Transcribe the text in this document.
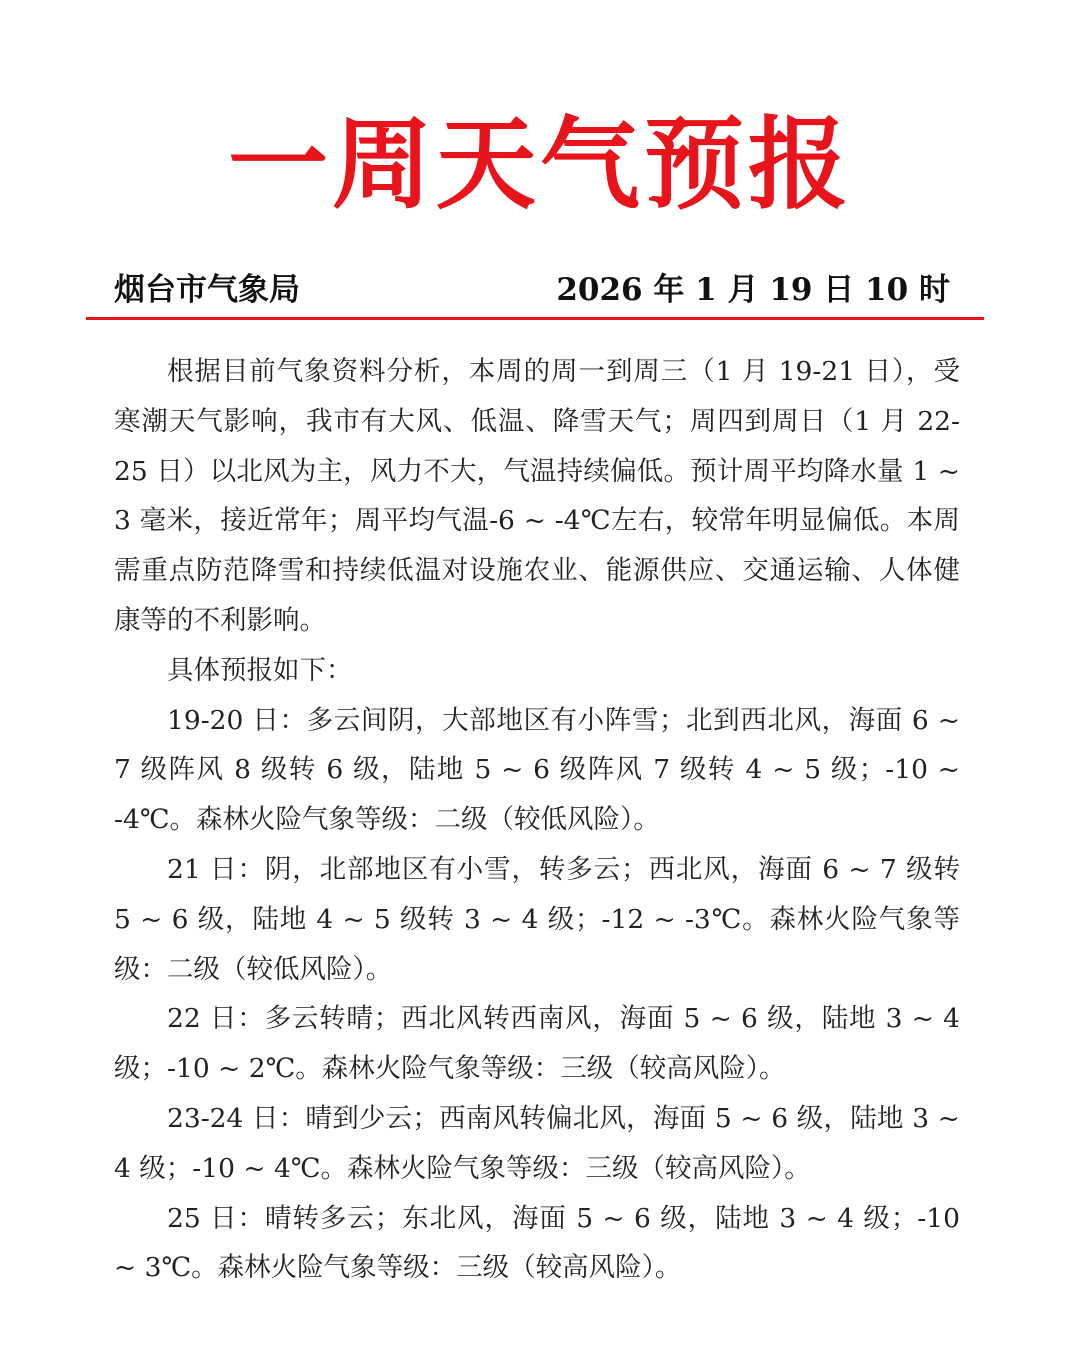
一周天气预报
烟台市气象局	2026 年 1 月 19 日 10 时

根据目前气象资料分析，本周的周一到周三（1 月 19-21 日），受寒潮天气影响，我市有大风、低温、降雪天气；周四到周日（1 月 22-25 日）以北风为主，风力不大，气温持续偏低。预计周平均降水量 1 ~ 3 毫米，接近常年；周平均气温-6 ~ -4℃左右，较常年明显偏低。本周需重点防范降雪和持续低温对设施农业、能源供应、交通运输、人体健康等的不利影响。

具体预报如下：

19-20 日：多云间阴，大部地区有小阵雪；北到西北风，海面 6 ~ 7 级阵风 8 级转 6 级，陆地 5 ~ 6 级阵风 7 级转 4 ~ 5 级；-10 ~ -4℃。森林火险气象等级：二级（较低风险）。

21 日：阴，北部地区有小雪，转多云；西北风，海面 6 ~ 7 级转 5 ~ 6 级，陆地 4 ~ 5 级转 3 ~ 4 级；-12 ~ -3℃。森林火险气象等级：二级（较低风险）。

22 日：多云转晴；西北风转西南风，海面 5 ~ 6 级，陆地 3 ~ 4 级；-10 ~ 2℃。森林火险气象等级：三级（较高风险）。

23-24 日：晴到少云；西南风转偏北风，海面 5 ~ 6 级，陆地 3 ~ 4 级；-10 ~ 4℃。森林火险气象等级：三级（较高风险）。

25 日：晴转多云；东北风，海面 5 ~ 6 级，陆地 3 ~ 4 级；-10 ~ 3℃。森林火险气象等级：三级（较高风险）。
